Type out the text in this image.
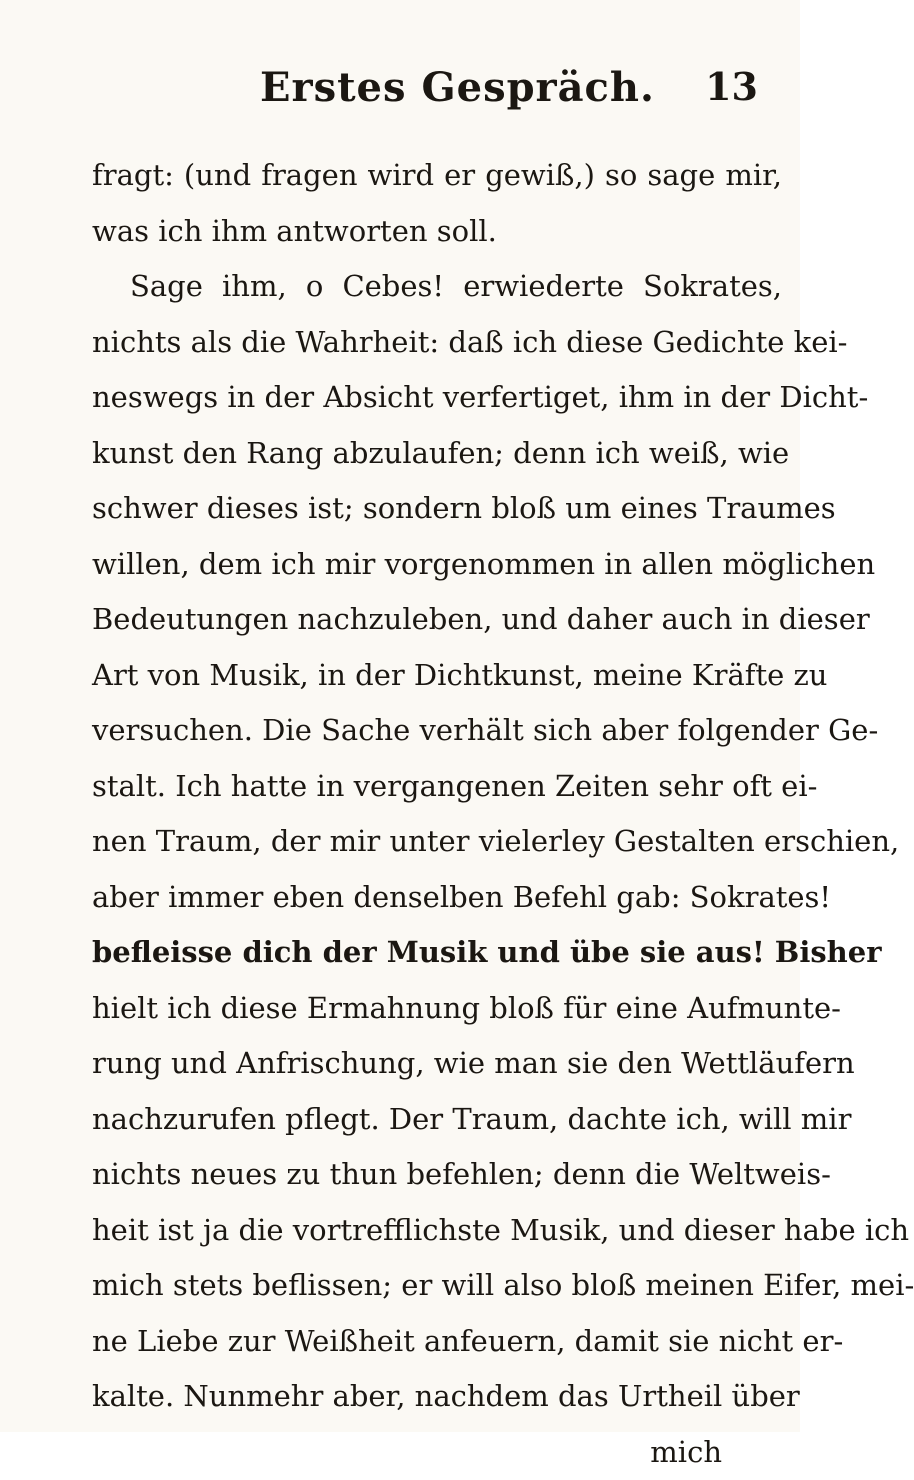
Erstes Gespräch. 13
fragt: (und fragen wird er gewiß,) so sage mir,
was ich ihm antworten soll.
Sage ihm, o Cebes! erwiederte Sokrates,
nichts als die Wahrheit: daß ich diese Gedichte kei-
neswegs in der Absicht verfertiget, ihm in der Dicht-
kunst den Rang abzulaufen; denn ich weiß, wie
schwer dieses ist; sondern bloß um eines Traumes
willen, dem ich mir vorgenommen in allen möglichen
Bedeutungen nachzuleben, und daher auch in dieser
Art von Musik, in der Dichtkunst, meine Kräfte zu
versuchen. Die Sache verhält sich aber folgender Ge-
stalt. Ich hatte in vergangenen Zeiten sehr oft ei-
nen Traum, der mir unter vielerley Gestalten erschien,
aber immer eben denselben Befehl gab: Sokrates!
befleisse dich der Musik und übe sie aus! Bisher
hielt ich diese Ermahnung bloß für eine Aufmunte-
rung und Anfrischung, wie man sie den Wettläufern
nachzurufen pflegt. Der Traum, dachte ich, will mir
nichts neues zu thun befehlen; denn die Weltweis-
heit ist ja die vortrefflichste Musik, und dieser habe ich
mich stets beflissen; er will also bloß meinen Eifer, mei-
ne Liebe zur Weißheit anfeuern, damit sie nicht er-
kalte. Nunmehr aber, nachdem das Urtheil über
mich
